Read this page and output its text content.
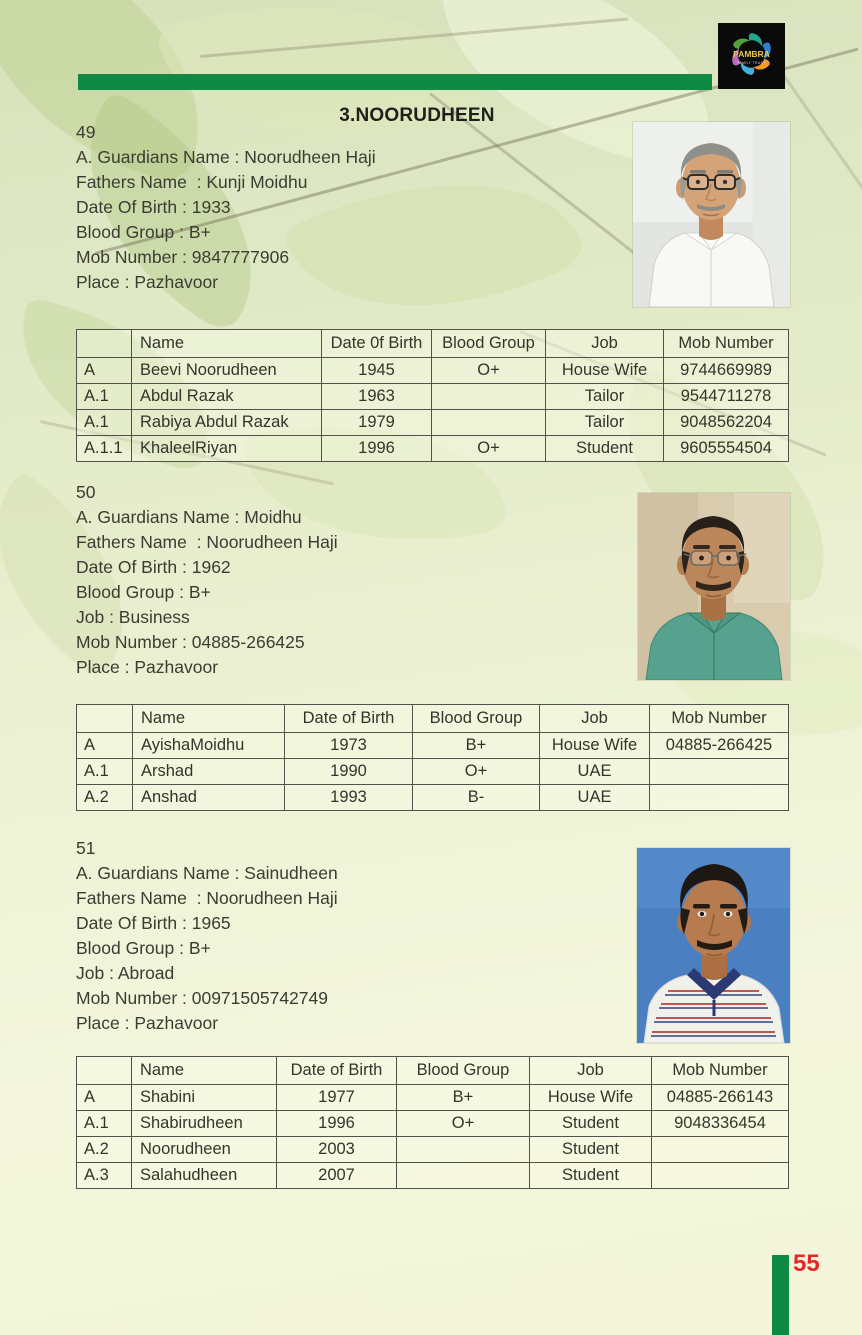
PAMBRA
FAMILY TRUST
3.NOORUDHEEN
49
A. Guardians Name : Noorudheen Haji
Fathers Name  : Kunji Moidhu
Date Of Birth : 1933
Blood Group : B+
Mob Number : 9847777906
Place : Pazhavoor
	Name	Date 0f Birth	Blood Group	Job	Mob Number
A	Beevi Noorudheen	1945	O+	House Wife	9744669989
A.1	Abdul Razak	1963		Tailor	9544711278
A.1	Rabiya Abdul Razak	1979		Tailor	9048562204
A.1.1	KhaleelRiyan	1996	O+	Student	9605554504
50
A. Guardians Name : Moidhu
Fathers Name  : Noorudheen Haji
Date Of Birth : 1962
Blood Group : B+
Job : Business
Mob Number : 04885-266425
Place : Pazhavoor
	Name	Date of Birth	Blood Group	Job	Mob Number
A	AyishaMoidhu	1973	B+	House Wife	04885-266425
A.1	Arshad	1990	O+	UAE	
A.2	Anshad	1993	B-	UAE	
51
A. Guardians Name : Sainudheen
Fathers Name  : Noorudheen Haji
Date Of Birth : 1965
Blood Group : B+
Job : Abroad
Mob Number : 00971505742749
Place : Pazhavoor
	Name	Date of Birth	Blood Group	Job	Mob Number
A	Shabini	1977	B+	House Wife	04885-266143
A.1	Shabirudheen	1996	O+	Student	9048336454
A.2	Noorudheen	2003		Student	
A.3	Salahudheen	2007		Student	
55
